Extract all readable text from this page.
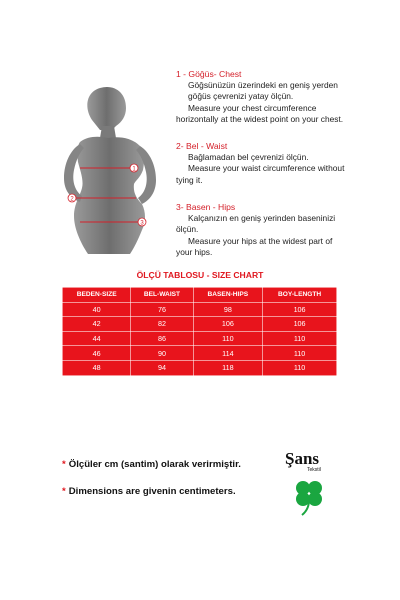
1
2
3
1 - Göğüs- Chest

Göğsünüzün üzerindeki en geniş yerden

göğüs çevrenizi yatay ölçün.

Measure your chest circumference

horizontally at the widest point on your chest.

2- Bel - Waist

Bağlamadan bel çevrenizi ölçün.

Measure your waist circumference without

tying it.

3- Basen - Hips

Kalçanızın en geniş yerinden baseninizi

ölçün.

Measure your hips at the widest part of

your hips.

ÖLÇÜ TABLOSU - SIZE CHART
BEDEN-SIZE	BEL-WAIST	BASEN-HIPS	BOY-LENGTH
40	76	98	106
42	82	106	106
44	86	110	110
46	90	114	110
48	94	118	110
* Ölçüler cm (santim) olarak verirmiştir.
* Dimensions are givenin centimeters.
Şans
Tekstil
